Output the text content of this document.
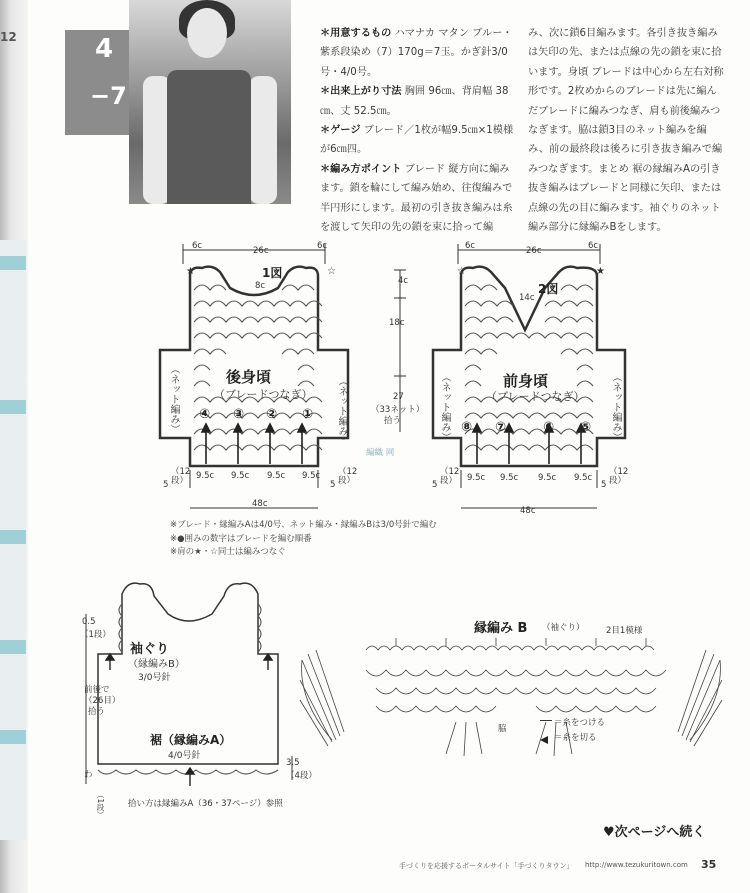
12	4
−7

＊用意するもの ハマナカ マタン ブルー・紫系段染め（7）170g＝7玉。かぎ針3/0号・4/0号。

＊出来上がり寸法 胸囲 96㎝、背肩幅 38㎝、丈 52.5㎝。

＊ゲージ ブレード／1枚が幅9.5㎝×1模様が6㎝四。

＊編み方ポイント ブレード 縦方向に編みます。鎖を輪にして編み始め、往復編みで半円形にします。最初の引き抜き編みは糸を渡して矢印の先の鎖を束に拾って編

み、次に鎖6目編みます。各引き抜き編みは矢印の先、または点線の先の鎖を束に拾います。身頃 ブレードは中心から左右対称形です。2枚めからのブレードは先に編んだブレードに編みつなぎ、肩も前後編みつなぎます。脇は鎖3目のネット編みを編み、前の最終段は後ろに引き抜き編みで編みつなぎます。まとめ 裾の縁編みAの引き抜き編みはブレードと同様に矢印、または点線の先の目に編みます。袖ぐりのネット編み部分に縁編みBをします。

6c	26c	6c
★	☆
1図
8c
後身頃
（ブレードつなぎ）
（ネット編み）	（ネット編み）
④ ③ ② ①
9.5c 9.5c 9.5c 9.5c
5
（12段）	5
（12段）
48c
4c
18c
27
（33ネット）
拾う
編織 网
6c	26c	6c
☆	★
2図
14c
前身頃
（ブレードつなぎ）
（ネット編み）	（ネット編み）
⑧ ⑦	⑥ ⑤
9.5c 9.5c 9.5c 9.5c
5
（12段）	5
（12段）
48c
※ブレード・縁編みAは4/0号、ネット編み・縁編みBは3/0号針で編む
※●囲みの数字はブレードを編む順番
※肩の★・☆同士は編みつなぐ
0.5
（1段）
袖ぐり
（縁編みB）
3/0号針
前後で
（26目）
拾う
裾（縁編みA）
4/0号針
3.5
（4段）
わ
（1段）	拾い方は縁編みA（36・37ページ）参照
縁編み B （袖ぐり）	2目1模様
脇
＝糸をつける
＝糸を切る
♥次ページへ続く
手づくりを応援するポータルサイト「手づくりタウン」 http://www.tezukuritown.com 35
